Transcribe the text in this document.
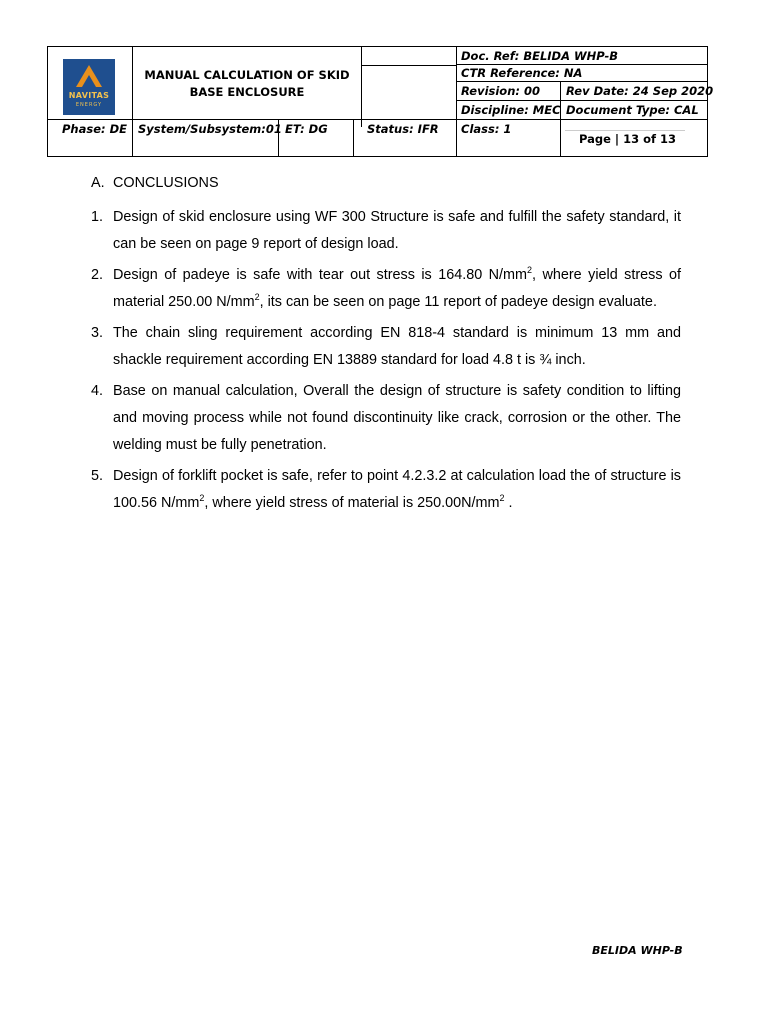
NAVITAS
ENERGY
MANUAL CALCULATION OF SKID
BASE ENCLOSURE
Doc. Ref: BELIDA WHP-B
CTR Reference: NA
Revision: 00 Rev Date: 24 Sep 2020
Discipline: MEC Document Type: CAL
Phase: DE System/Subsystem:01 ET: DG	Status: IFR Class: 1
Page | 13 of 13
A. CONCLUSIONS
1. Design of skid enclosure using WF 300 Structure is safe and fulfill the safety standard, it can be seen on page 9 report of design load.
2. Design of padeye is safe with tear out stress is 164.80 $N/mm^2$, where yield stress of material 250.00 $N/mm^2$, its can be seen on page 11 report of padeye design evaluate.
3. The chain sling requirement according EN 818-4 standard is minimum 13 mm and shackle requirement according EN 13889 standard for load 4.8 t is ¾ inch.
4. Base on manual calculation, Overall the design of structure is safety condition to lifting and moving process while not found discontinuity like crack, corrosion or the other. The welding must be fully penetration.
5. Design of forklift pocket is safe, refer to point 4.2.3.2 at calculation load the of structure is 100.56 $N/mm^2$, where yield stress of material is $250.00N/mm^2$ .
BELIDA WHP-B
